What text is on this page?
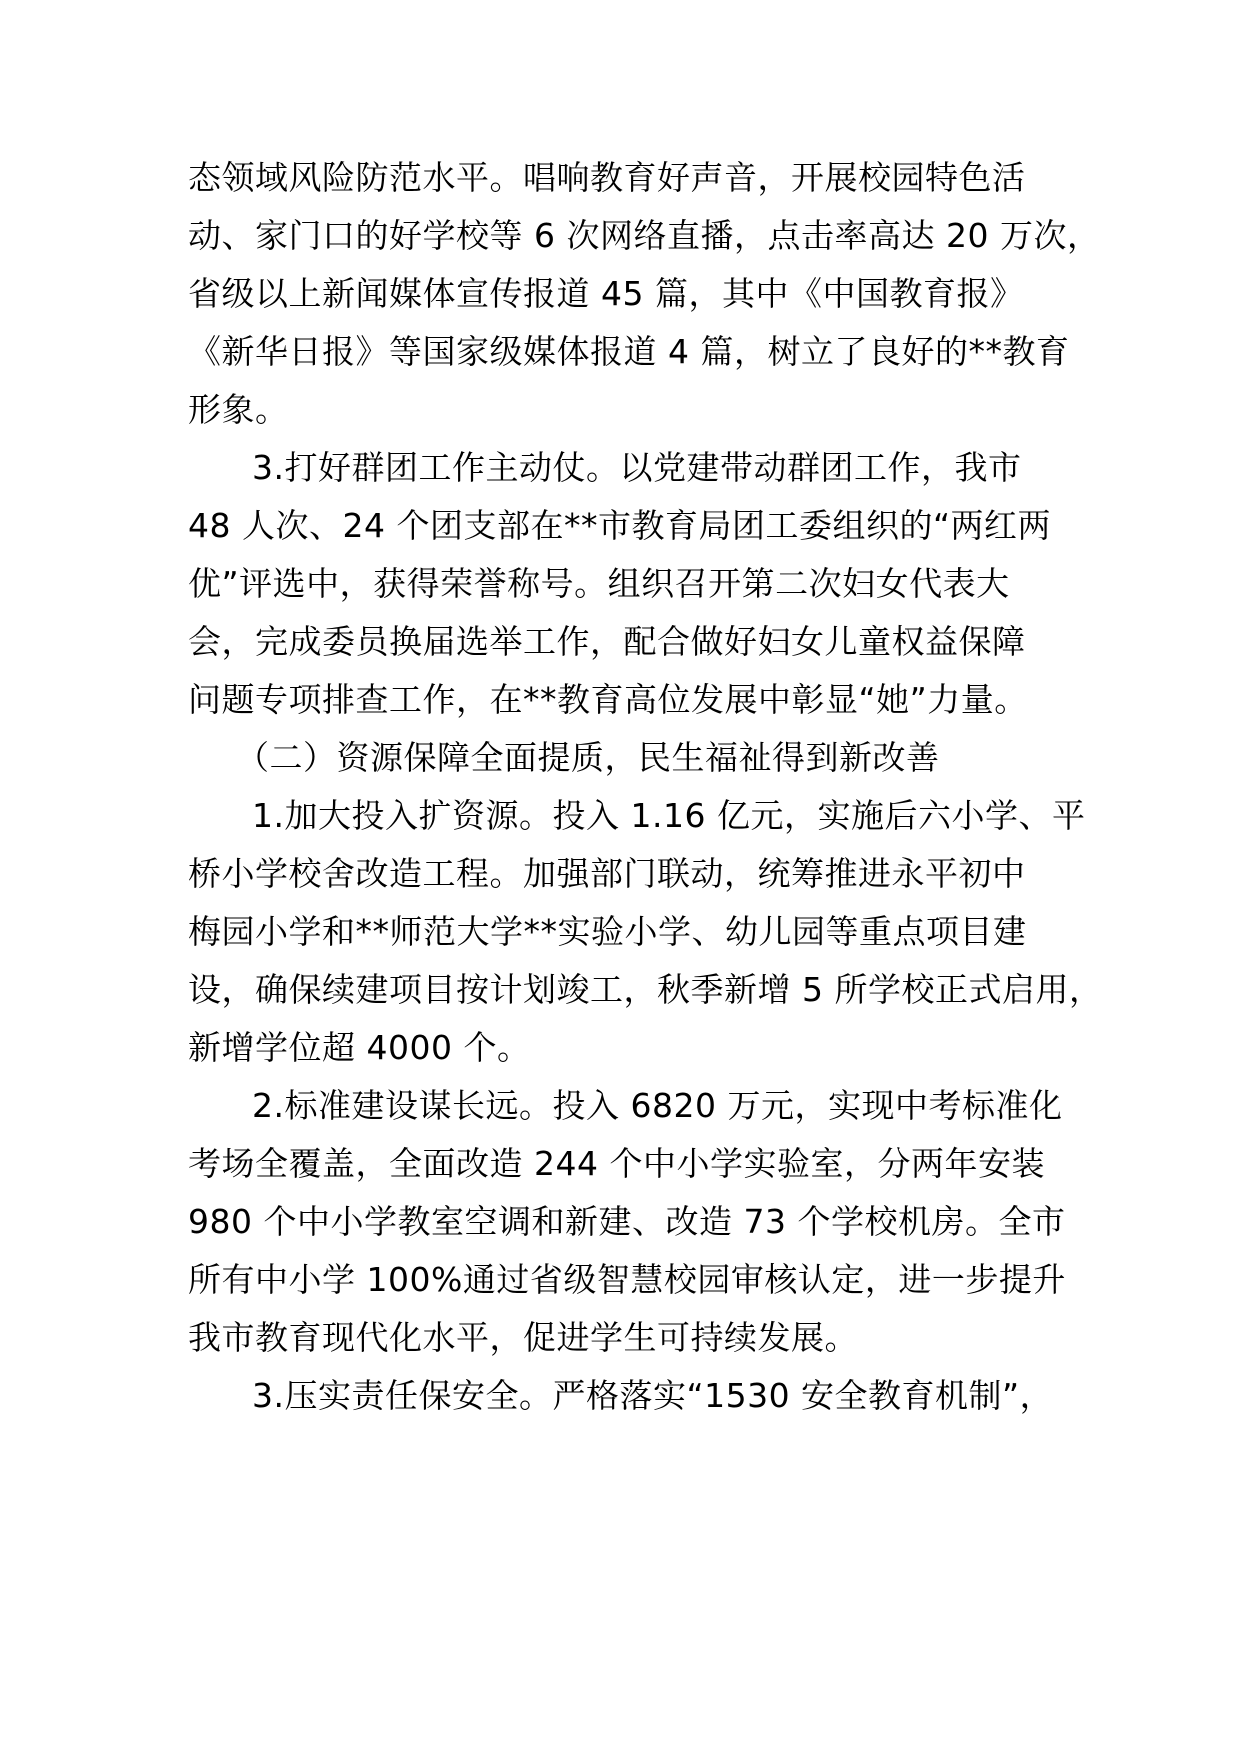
态领域风险防范水平。唱响教育好声音，开展校园特色活

动、家门口的好学校等 6 次网络直播，点击率高达 20 万次，

省级以上新闻媒体宣传报道 45 篇，其中《中国教育报》

《新华日报》等国家级媒体报道 4 篇，树立了良好的**教育

形象。

3.打好群团工作主动仗。以党建带动群团工作，我市

48 人次、24 个团支部在**市教育局团工委组织的“两红两

优”评选中，获得荣誉称号。组织召开第二次妇女代表大

会，完成委员换届选举工作，配合做好妇女儿童权益保障

问题专项排查工作，在**教育高位发展中彰显“她”力量。

（二）资源保障全面提质，民生福祉得到新改善

1.加大投入扩资源。投入 1.16 亿元，实施后六小学、平

桥小学校舍改造工程。加强部门联动，统筹推进永平初中

梅园小学和**师范大学**实验小学、幼儿园等重点项目建

设，确保续建项目按计划竣工，秋季新增 5 所学校正式启用，

新增学位超 4000 个。

2.标准建设谋长远。投入 6820 万元，实现中考标准化

考场全覆盖，全面改造 244 个中小学实验室，分两年安装

980 个中小学教室空调和新建、改造 73 个学校机房。全市

所有中小学 100%通过省级智慧校园审核认定，进一步提升

我市教育现代化水平，促进学生可持续发展。

3.压实责任保安全。严格落实“1530 安全教育机制”，
